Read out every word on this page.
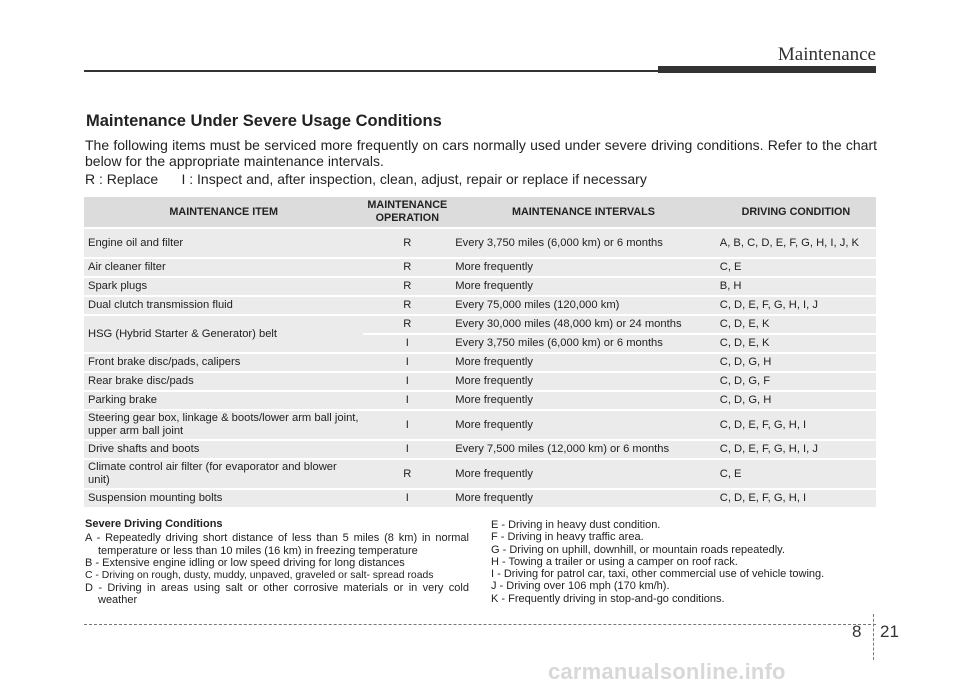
Maintenance
Maintenance Under Severe Usage Conditions
The following items must be serviced more frequently on cars normally used under severe driving conditions. Refer to the chart below for the appropriate maintenance intervals.
R : Replace      I : Inspect and, after inspection, clean, adjust, repair or replace if necessary
MAINTENANCE ITEM	MAINTENANCE OPERATION	MAINTENANCE INTERVALS	DRIVING CONDITION
Engine oil and filter	R	Every 3,750 miles (6,000 km) or 6 months	A, B, C, D, E, F, G, H, I, J, K
Air cleaner filter	R	More frequently	C, E
Spark plugs	R	More frequently	B, H
Dual clutch transmission fluid	R	Every 75,000 miles (120,000 km)	C, D, E, F, G, H, I, J
HSG (Hybrid Starter & Generator) belt	R	Every 30,000 miles (48,000 km) or 24 months	C, D, E, K
	I	Every 3,750 miles (6,000 km) or 6 months	C, D, E, K
Front brake disc/pads, calipers	I	More frequently	C, D, G, H
Rear brake disc/pads	I	More frequently	C, D, G, F
Parking brake	I	More frequently	C, D, G, H
Steering gear box, linkage & boots/lower arm ball joint, upper arm ball joint	I	More frequently	C, D, E, F, G, H, I
Drive shafts and boots	I	Every 7,500 miles (12,000 km) or 6 months	C, D, E, F, G, H, I, J
Climate control air filter (for evaporator and blower unit)	R	More frequently	C, E
Suspension mounting bolts	I	More frequently	C, D, E, F, G, H, I
Severe Driving Conditions
A - Repeatedly driving short distance of less than 5 miles (8 km) in normal temperature or less than 10 miles (16 km) in freezing temperature
B - Extensive engine idling or low speed driving for long distances
C - Driving on rough, dusty, muddy, unpaved, graveled or salt- spread roads
D - Driving in areas using salt or other corrosive materials or in very cold weather
E - Driving in heavy dust condition.
F - Driving in heavy traffic area.
G - Driving on uphill, downhill, or mountain roads repeatedly.
H - Towing a trailer or using a camper on roof rack.
I - Driving for patrol car, taxi, other commercial use of vehicle towing.
J - Driving over 106 mph (170 km/h).
K - Frequently driving in stop-and-go conditions.
8 21
carmanualsonline.info
